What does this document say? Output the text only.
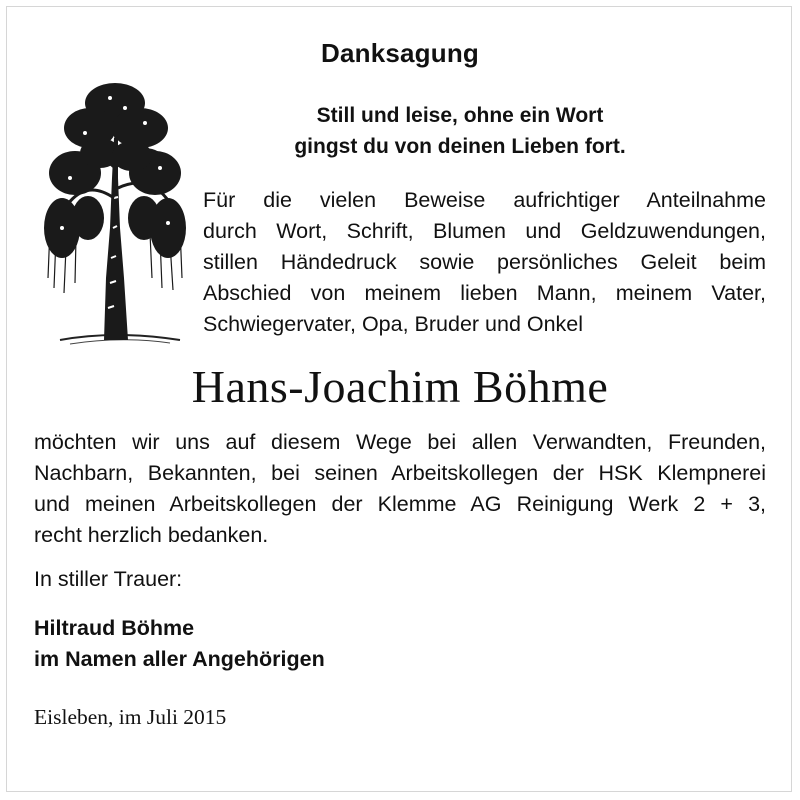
Danksagung
Still und leise, ohne ein Wort
gingst du von deinen Lieben fort.
Für die vielen Beweise aufrichtiger Anteilnahme
durch Wort, Schrift, Blumen und Geldzuwendungen,
stillen Händedruck sowie persönliches Geleit beim
Abschied von meinem lieben Mann, meinem Vater,
Schwiegervater, Opa, Bruder und Onkel
Hans-Joachim Böhme
möchten wir uns auf diesem Wege bei allen Verwandten, Freunden,
Nachbarn, Bekannten, bei seinen Arbeitskollegen der HSK Klempnerei
und meinen Arbeitskollegen der Klemme AG Reinigung Werk 2 + 3,
recht herzlich bedanken.
In stiller Trauer:
Hiltraud Böhme
im Namen aller Angehörigen
Eisleben, im Juli 2015
